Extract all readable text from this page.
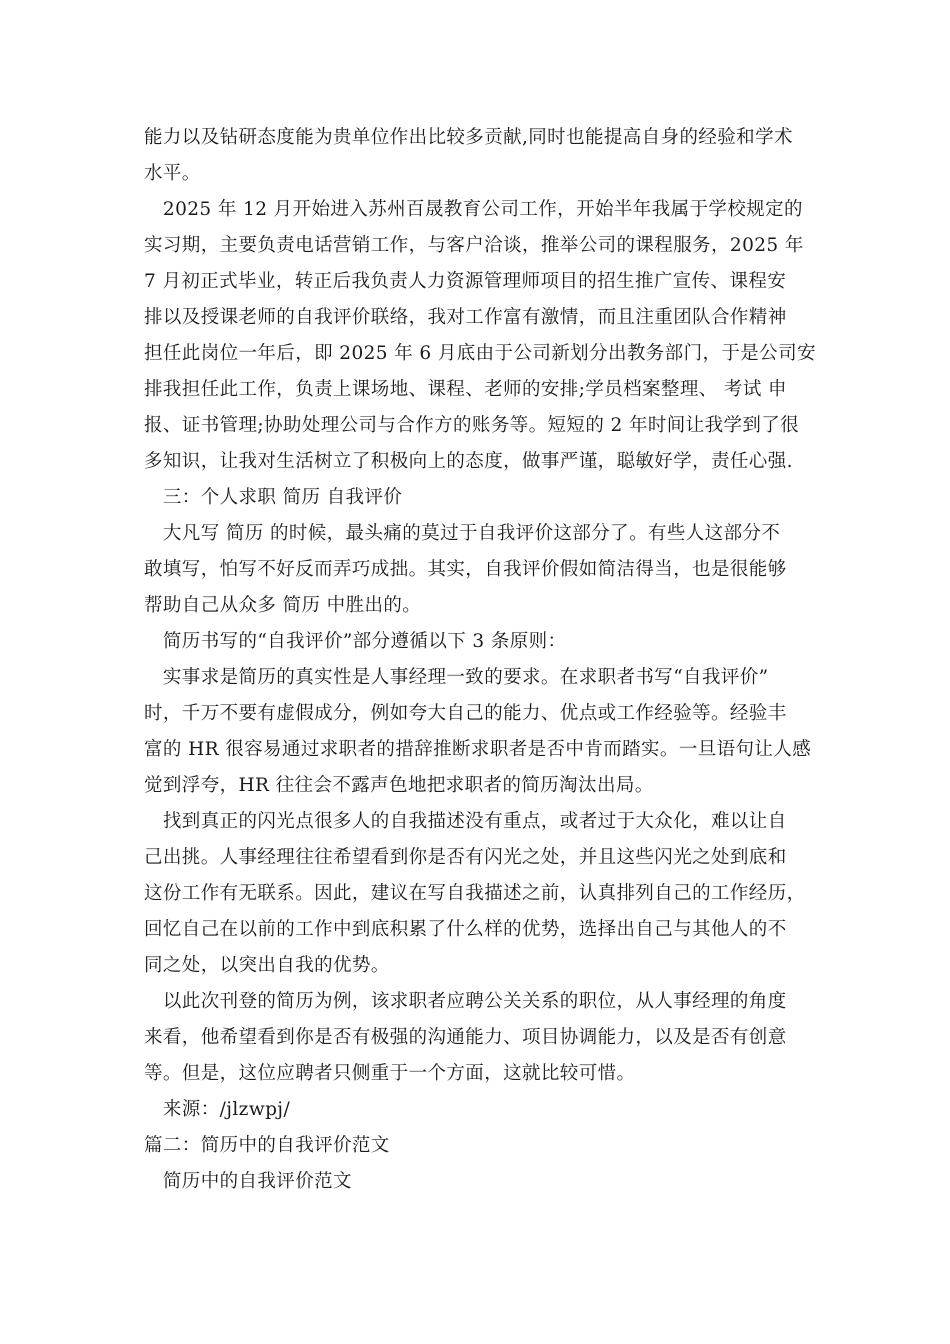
能力以及钻研态度能为贵单位作出比较多贡献,同时也能提高自身的经验和学术
水平。
　2025 年 12 月开始进入苏州百晟教育公司工作，开始半年我属于学校规定的
实习期，主要负责电话营销工作，与客户洽谈，推举公司的课程服务，2025 年
7 月初正式毕业，转正后我负责人力资源管理师项目的招生推广宣传、课程安
排以及授课老师的自我评价联络，我对工作富有激情，而且注重团队合作精神
担任此岗位一年后，即 2025 年 6 月底由于公司新划分出教务部门，于是公司安
排我担任此工作，负责上课场地、课程、老师的安排;学员档案整理、 考试 申
报、证书管理;协助处理公司与合作方的账务等。短短的 2 年时间让我学到了很
多知识，让我对生活树立了积极向上的态度，做事严谨，聪敏好学，责任心强.
　三：个人求职 简历 自我评价
　大凡写 简历 的时候，最头痛的莫过于自我评价这部分了。有些人这部分不
敢填写，怕写不好反而弄巧成拙。其实，自我评价假如简洁得当，也是很能够
帮助自己从众多 简历 中胜出的。
　简历书写的“自我评价”部分遵循以下 3 条原则：
　实事求是简历的真实性是人事经理一致的要求。在求职者书写“自我评价”
时，千万不要有虚假成分，例如夸大自己的能力、优点或工作经验等。经验丰
富的 HR 很容易通过求职者的措辞推断求职者是否中肯而踏实。一旦语句让人感
觉到浮夸，HR 往往会不露声色地把求职者的简历淘汰出局。
　找到真正的闪光点很多人的自我描述没有重点，或者过于大众化，难以让自
己出挑。人事经理往往希望看到你是否有闪光之处，并且这些闪光之处到底和
这份工作有无联系。因此，建议在写自我描述之前，认真排列自己的工作经历，
回忆自己在以前的工作中到底积累了什么样的优势，选择出自己与其他人的不
同之处，以突出自我的优势。
　以此次刊登的简历为例，该求职者应聘公关关系的职位，从人事经理的角度
来看，他希望看到你是否有极强的沟通能力、项目协调能力，以及是否有创意
等。但是，这位应聘者只侧重于一个方面，这就比较可惜。
　来源：/jlzwpj/
篇二：简历中的自我评价范文
　简历中的自我评价范文
